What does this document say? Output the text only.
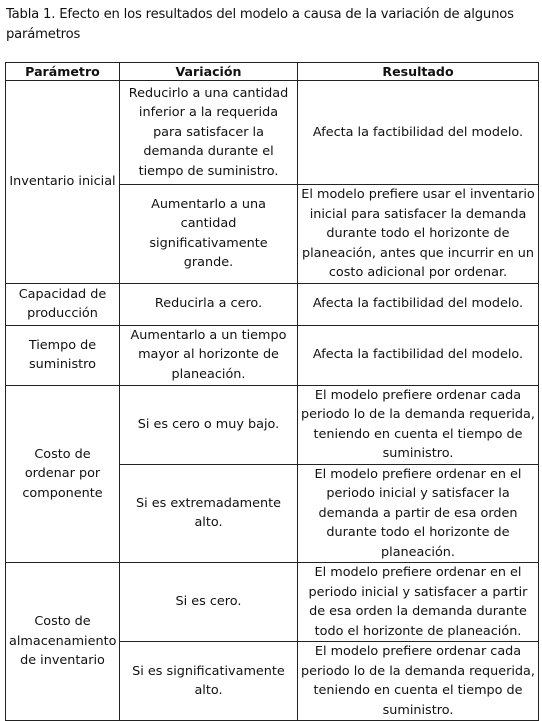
Tabla 1. Efecto en los resultados del modelo a causa de la variación de algunos parámetros
Parámetro	Variación	Resultado
Inventario inicial	Reducirlo a una cantidad inferior a la requerida para satisfacer la demanda durante el tiempo de suministro.	Afecta la factibilidad del modelo.
	Aumentarlo a una cantidad significativamente grande.	El modelo prefiere usar el inventario inicial para satisfacer la demanda durante todo el horizonte de planeación, antes que incurrir en un costo adicional por ordenar.
Capacidad de producción	Reducirla a cero.	Afecta la factibilidad del modelo.
Tiempo de suministro	Aumentarlo a un tiempo mayor al horizonte de planeación.	Afecta la factibilidad del modelo.
Costo de ordenar por componente	Si es cero o muy bajo.	El modelo prefiere ordenar cada periodo lo de la demanda requerida, teniendo en cuenta el tiempo de suministro.
	Si es extremadamente alto.	El modelo prefiere ordenar en el periodo inicial y satisfacer la demanda a partir de esa orden durante todo el horizonte de planeación.
Costo de almacenamiento de inventario	Si es cero.	El modelo prefiere ordenar en el periodo inicial y satisfacer a partir de esa orden la demanda durante todo el horizonte de planeación.
	Si es significativamente alto.	El modelo prefiere ordenar cada periodo lo de la demanda requerida, teniendo en cuenta el tiempo de suministro.
